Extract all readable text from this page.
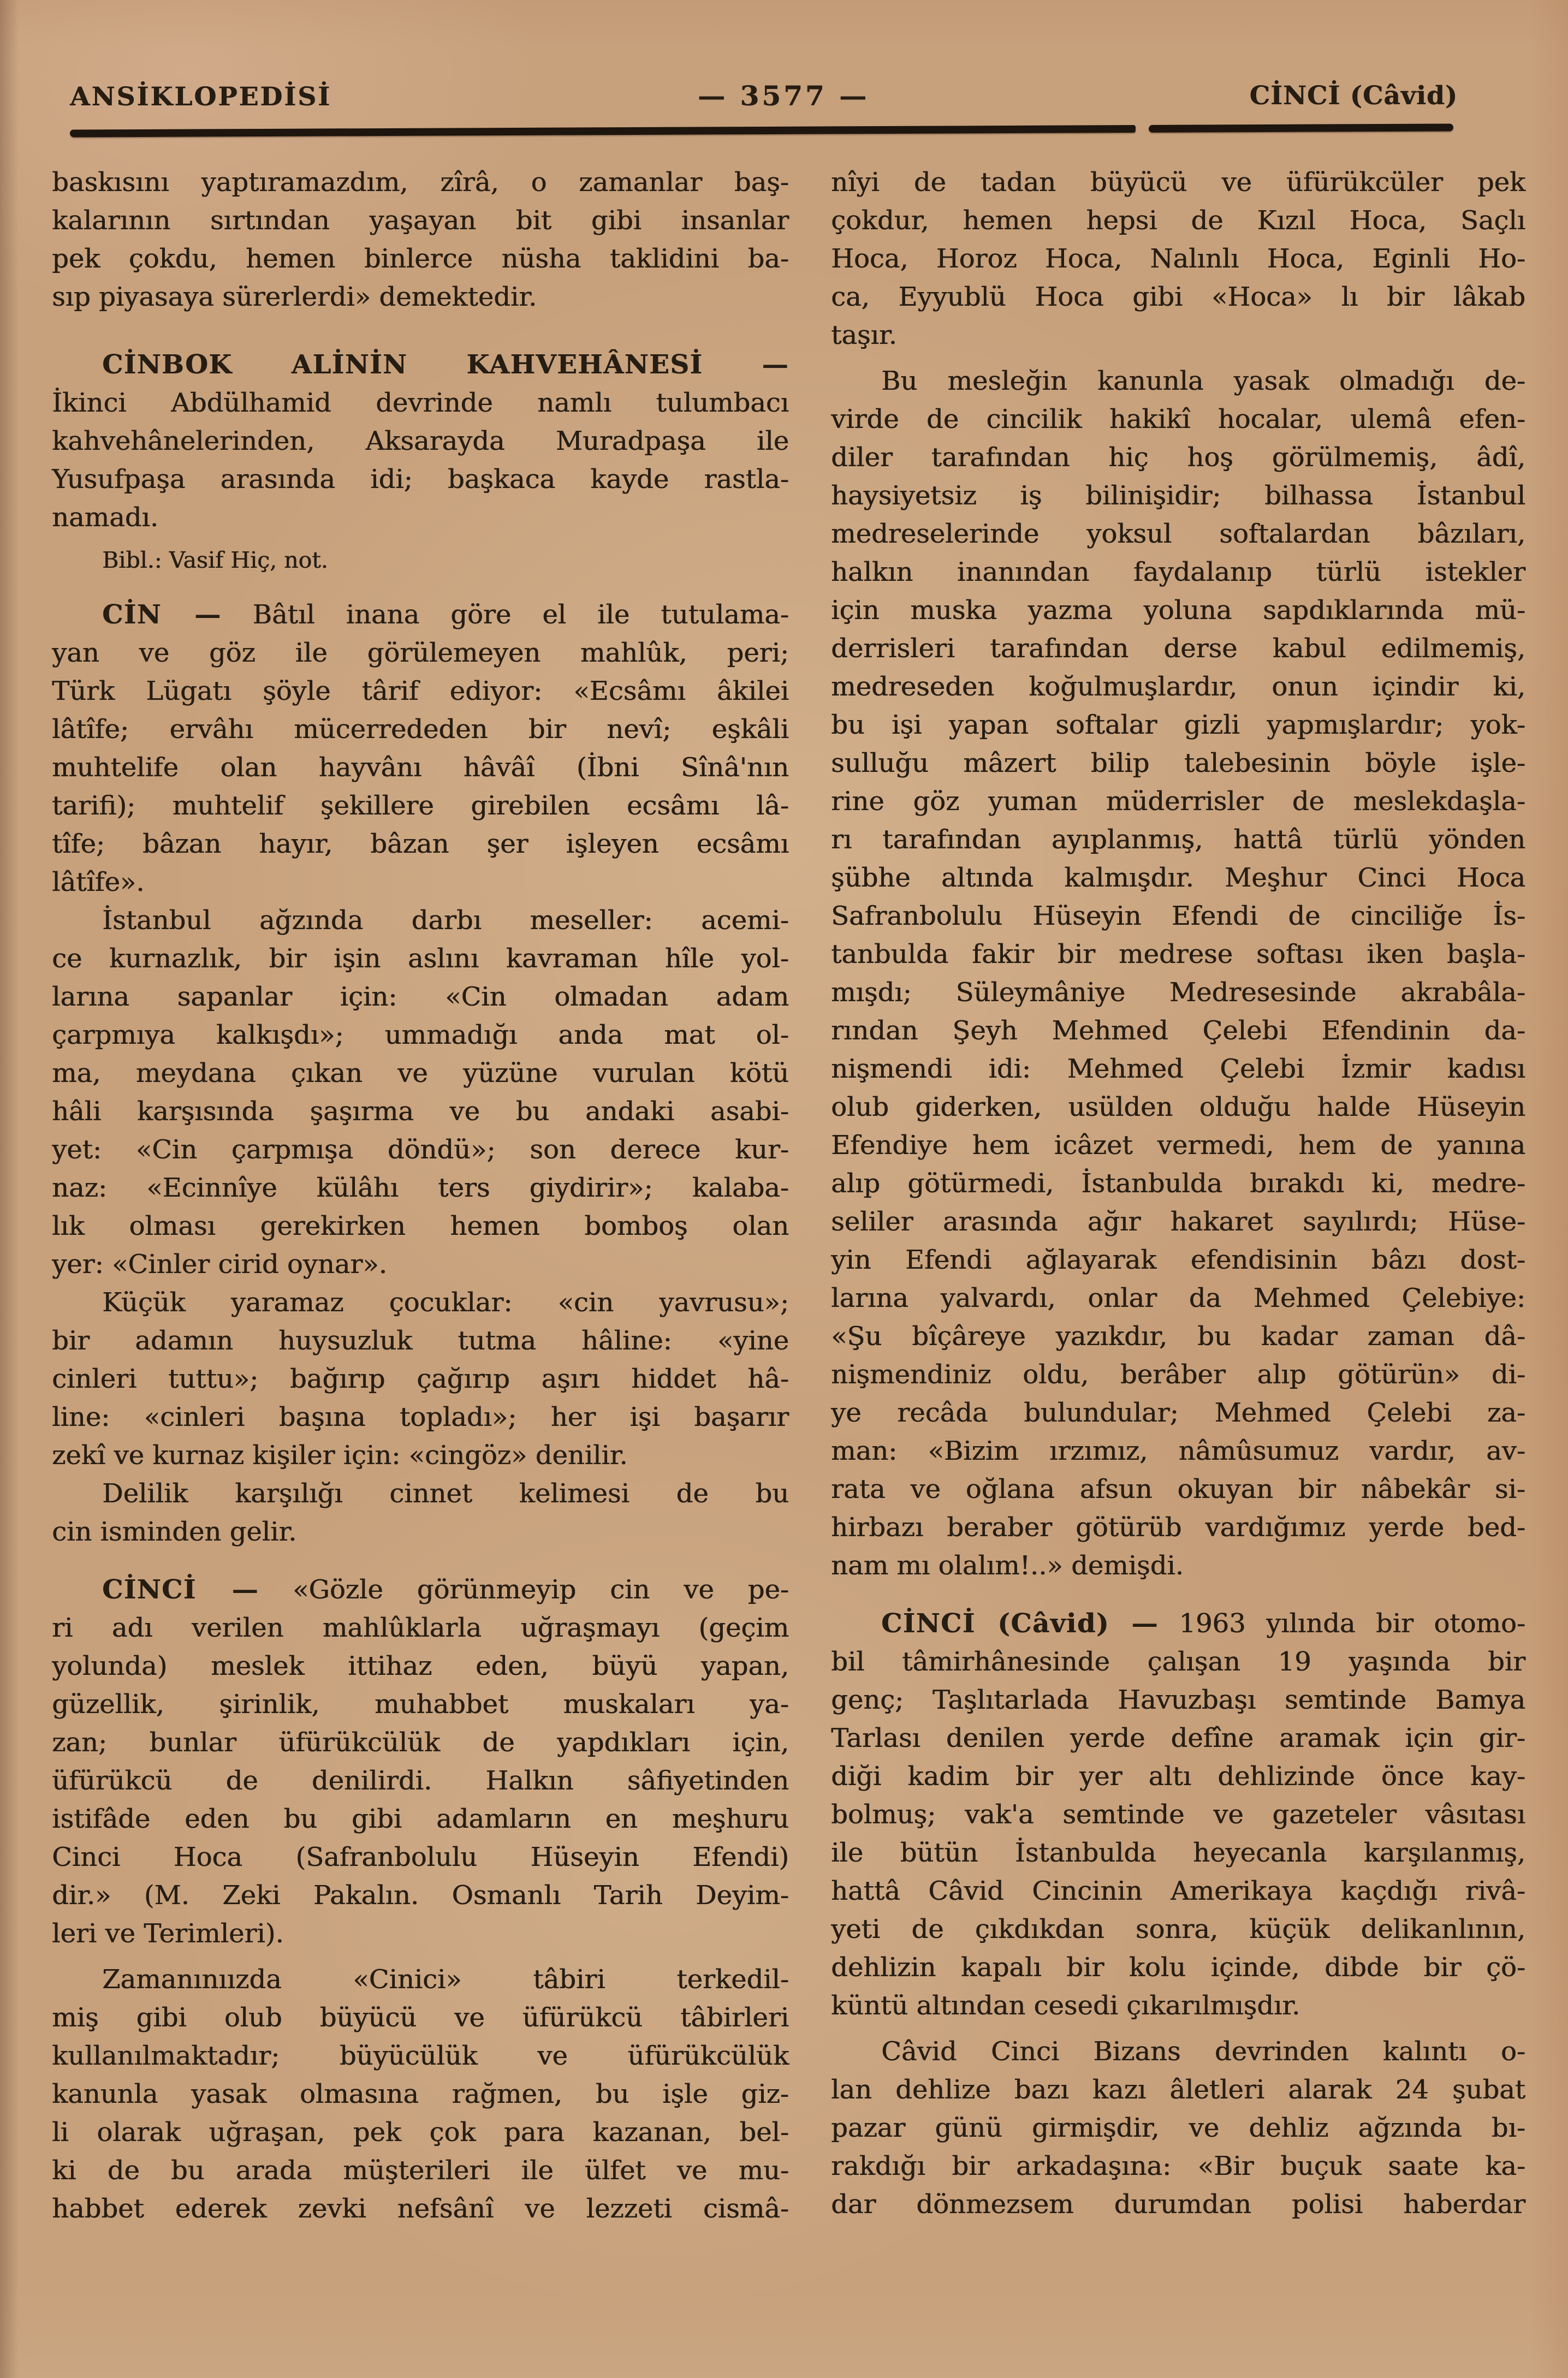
ANSİKLOPEDİSİ	— 3577 —	CİNCİ (Câvid)
baskısını yaptıramazdım, zîrâ, o zamanlar baş-
kalarının sırtından yaşayan bit gibi insanlar
pek çokdu, hemen binlerce nüsha taklidini ba-
sıp piyasaya sürerlerdi» demektedir.
CİNBOK ALİNİN KAHVEHÂNESİ —
İkinci Abdülhamid devrinde namlı tulumbacı
kahvehânelerinden, Aksarayda Muradpaşa ile
Yusufpaşa arasında idi; başkaca kayde rastla-
namadı.
Bibl.: Vasif Hiç, not.
CİN — Bâtıl inana göre el ile tutulama-
yan ve göz ile görülemeyen mahlûk, peri;
Türk Lügatı şöyle târif ediyor: «Ecsâmı âkilei
lâtîfe; ervâhı mücerrededen bir nevî; eşkâli
muhtelife olan hayvânı hâvâî (İbni Sînâ'nın
tarifi); muhtelif şekillere girebilen ecsâmı lâ-
tîfe; bâzan hayır, bâzan şer işleyen ecsâmı
lâtîfe».
İstanbul ağzında darbı meseller: acemi-
ce kurnazlık, bir işin aslını kavraman hîle yol-
larına sapanlar için: «Cin olmadan adam
çarpmıya kalkışdı»; ummadığı anda mat ol-
ma, meydana çıkan ve yüzüne vurulan kötü
hâli karşısında şaşırma ve bu andaki asabi-
yet: «Cin çarpmışa döndü»; son derece kur-
naz: «Ecinnîye külâhı ters giydirir»; kalaba-
lık olması gerekirken hemen bomboş olan
yer: «Cinler cirid oynar».
Küçük yaramaz çocuklar: «cin yavrusu»;
bir adamın huysuzluk tutma hâline: «yine
cinleri tuttu»; bağırıp çağırıp aşırı hiddet hâ-
line: «cinleri başına topladı»; her işi başarır
zekî ve kurnaz kişiler için: «cingöz» denilir.
Delilik karşılığı cinnet kelimesi de bu
cin isminden gelir.
CİNCİ — «Gözle görünmeyip cin ve pe-
ri adı verilen mahlûklarla uğraşmayı (geçim
yolunda) meslek ittihaz eden, büyü yapan,
güzellik, şirinlik, muhabbet muskaları ya-
zan; bunlar üfürükcülük de yapdıkları için,
üfürükcü de denilirdi. Halkın sâfiyetinden
istifâde eden bu gibi adamların en meşhuru
Cinci Hoca (Safranbolulu Hüseyin Efendi)
dir.» (M. Zeki Pakalın. Osmanlı Tarih Deyim-
leri ve Terimleri).
Zamanınıızda «Cinici» tâbiri terkedil-
miş gibi olub büyücü ve üfürükcü tâbirleri
kullanılmaktadır; büyücülük ve üfürükcülük
kanunla yasak olmasına rağmen, bu işle giz-
li olarak uğraşan, pek çok para kazanan, bel-
ki de bu arada müşterileri ile ülfet ve mu-
habbet ederek zevki nefsânî ve lezzeti cismâ-
nîyi de tadan büyücü ve üfürükcüler pek
çokdur, hemen hepsi de Kızıl Hoca, Saçlı
Hoca, Horoz Hoca, Nalınlı Hoca, Eginli Ho-
ca, Eyyublü Hoca gibi «Hoca» lı bir lâkab
taşır.
Bu mesleğin kanunla yasak olmadığı de-
virde de cincilik hakikî hocalar, ulemâ efen-
diler tarafından hiç hoş görülmemiş, âdî,
haysiyetsiz iş bilinişidir; bilhassa İstanbul
medreselerinde yoksul softalardan bâzıları,
halkın inanından faydalanıp türlü istekler
için muska yazma yoluna sapdıklarında mü-
derrisleri tarafından derse kabul edilmemiş,
medreseden koğulmuşlardır, onun içindir ki,
bu işi yapan softalar gizli yapmışlardır; yok-
sulluğu mâzert bilip talebesinin böyle işle-
rine göz yuman müderrisler de meslekdaşla-
rı tarafından ayıplanmış, hattâ türlü yönden
şübhe altında kalmışdır. Meşhur Cinci Hoca
Safranbolulu Hüseyin Efendi de cinciliğe İs-
tanbulda fakir bir medrese softası iken başla-
mışdı; Süleymâniye Medresesinde akrabâla-
rından Şeyh Mehmed Çelebi Efendinin da-
nişmendi idi: Mehmed Çelebi İzmir kadısı
olub giderken, usülden olduğu halde Hüseyin
Efendiye hem icâzet vermedi, hem de yanına
alıp götürmedi, İstanbulda bırakdı ki, medre-
seliler arasında ağır hakaret sayılırdı; Hüse-
yin Efendi ağlayarak efendisinin bâzı dost-
larına yalvardı, onlar da Mehmed Çelebiye:
«Şu bîçâreye yazıkdır, bu kadar zaman dâ-
nişmendiniz oldu, berâber alıp götürün» di-
ye recâda bulundular; Mehmed Çelebi za-
man: «Bizim ırzımız, nâmûsumuz vardır, av-
rata ve oğlana afsun okuyan bir nâbekâr si-
hirbazı beraber götürüb vardığımız yerde bed-
nam mı olalım!..» demişdi.
CİNCİ (Câvid) — 1963 yılında bir otomo-
bil tâmirhânesinde çalışan 19 yaşında bir
genç; Taşlıtarlada Havuzbaşı semtinde Bamya
Tarlası denilen yerde defîne aramak için gir-
diği kadim bir yer altı dehlizinde önce kay-
bolmuş; vak'a semtinde ve gazeteler vâsıtası
ile bütün İstanbulda heyecanla karşılanmış,
hattâ Câvid Cincinin Amerikaya kaçdığı rivâ-
yeti de çıkdıkdan sonra, küçük delikanlının,
dehlizin kapalı bir kolu içinde, dibde bir çö-
küntü altından cesedi çıkarılmışdır.
Câvid Cinci Bizans devrinden kalıntı o-
lan dehlize bazı kazı âletleri alarak 24 şubat
pazar günü girmişdir, ve dehliz ağzında bı-
rakdığı bir arkadaşına: «Bir buçuk saate ka-
dar dönmezsem durumdan polisi haberdar
